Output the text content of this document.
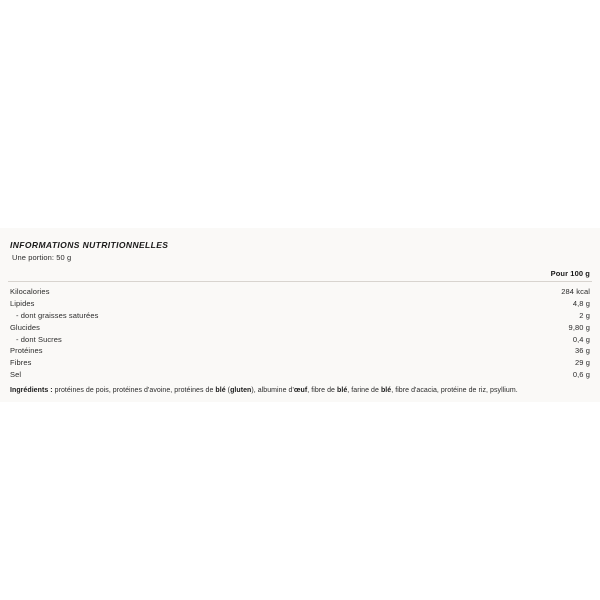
INFORMATIONS NUTRITIONNELLES
Une portion: 50 g
Pour 100 g
Kilocalories	284 kcal
Lipides	4,8 g
- dont graisses saturées	2 g
Glucides	9,80 g
- dont Sucres	0,4 g
Protéines	36 g
Fibres	29 g
Sel	0,6 g
Ingrédients : protéines de pois, protéines d'avoine, protéines de blé (gluten), albumine d'œuf, fibre de blé, farine de blé, fibre d'acacia, protéine de riz, psyllium.
